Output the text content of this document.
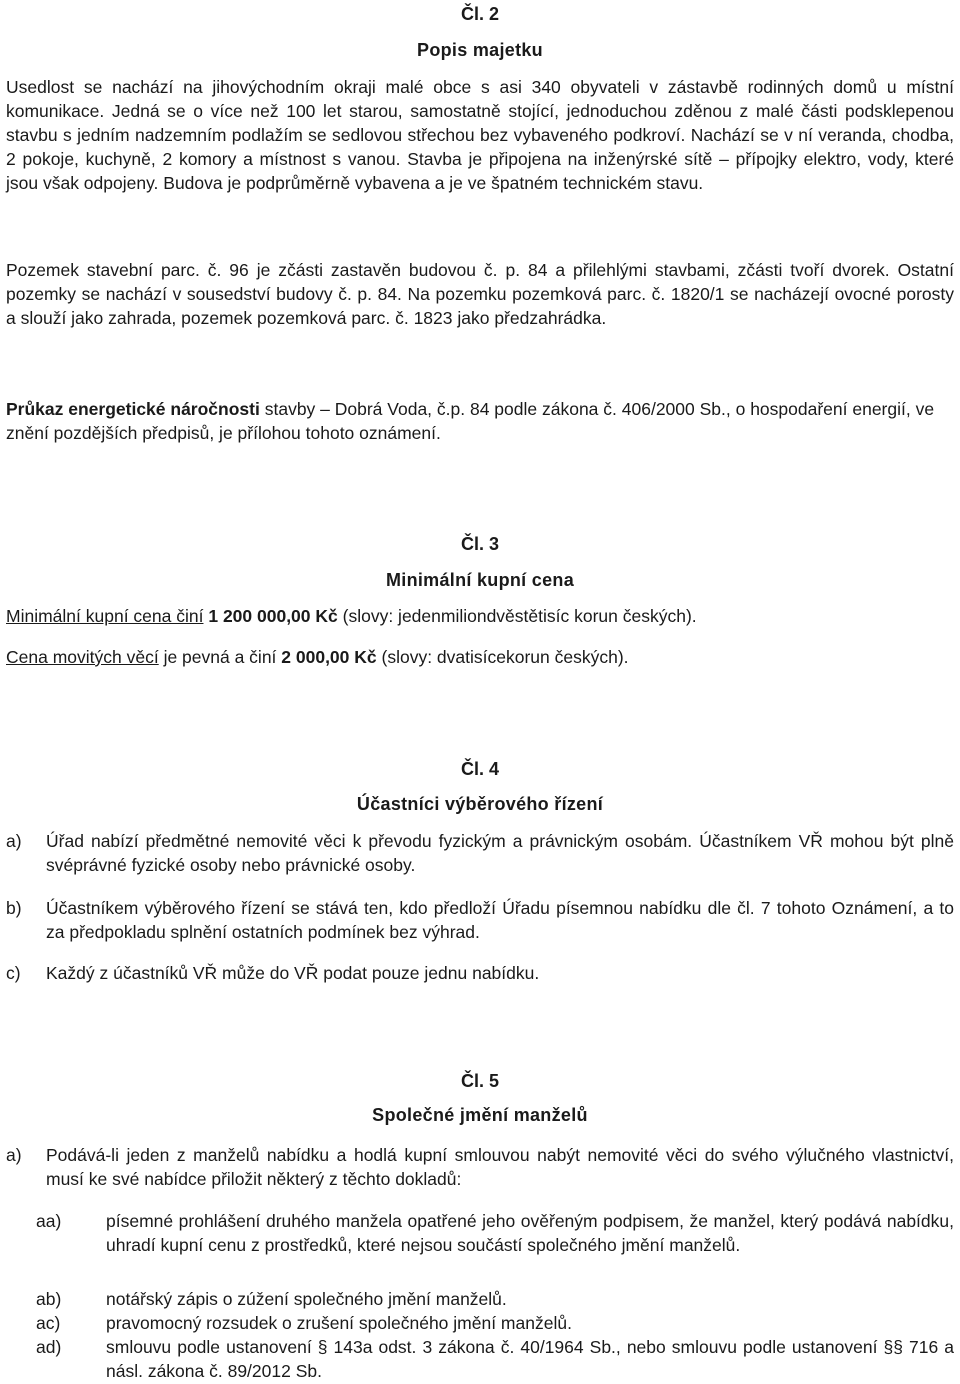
Čl. 2
Popis majetku
Usedlost se nachází na jihovýchodním okraji malé obce s asi 340 obyvateli v zástavbě rodinných domů u místní komunikace. Jedná se o více než 100 let starou, samostatně stojící, jednoduchou zděnou z malé části podsklepenou stavbu s jedním nadzemním podlažím se sedlovou střechou bez vybaveného podkroví. Nachází se v ní veranda, chodba, 2 pokoje, kuchyně, 2 komory a místnost s vanou. Stavba je připojena na inženýrské sítě – přípojky elektro, vody, které jsou však odpojeny. Budova je podprůměrně vybavena a je ve špatném technickém stavu.
Pozemek stavební parc. č. 96 je zčásti zastavěn budovou č. p. 84 a přilehlými stavbami, zčásti tvoří dvorek. Ostatní pozemky se nachází v sousedství budovy č. p. 84. Na pozemku pozemková parc. č. 1820/1 se nacházejí ovocné porosty a slouží jako zahrada, pozemek pozemková parc. č. 1823 jako předzahrádka.
Průkaz energetické náročnosti stavby – Dobrá Voda, č.p. 84 podle zákona č. 406/2000 Sb., o hospodaření energií, ve znění pozdějších předpisů, je přílohou tohoto oznámení.
Čl. 3
Minimální kupní cena
Minimální kupní cena činí 1 200 000,00 Kč (slovy: jedenmiliondvěstětisíc korun českých).
Cena movitých věcí je pevná a činí 2 000,00 Kč (slovy: dvatisícekorun českých).
Čl. 4
Účastníci výběrového řízení
a) Úřad nabízí předmětné nemovité věci k převodu fyzickým a právnickým osobám. Účastníkem VŘ mohou být plně svéprávné fyzické osoby nebo právnické osoby.
b) Účastníkem výběrového řízení se stává ten, kdo předloží Úřadu písemnou nabídku dle čl. 7 tohoto Oznámení, a to za předpokladu splnění ostatních podmínek bez výhrad.
c) Každý z účastníků VŘ může do VŘ podat pouze jednu nabídku.
Čl. 5
Společné jmění manželů
a) Podává-li jeden z manželů nabídku a hodlá kupní smlouvou nabýt nemovité věci do svého výlučného vlastnictví, musí ke své nabídce přiložit některý z těchto dokladů:
aa)	písemné prohlášení druhého manžela opatřené jeho ověřeným podpisem, že manžel, který podává nabídku, uhradí kupní cenu z prostředků, které nejsou součástí společného jmění manželů.
ab)	notářský zápis o zúžení společného jmění manželů.
ac)	pravomocný rozsudek o zrušení společného jmění manželů.
ad)	smlouvu podle ustanovení § 143a odst. 3 zákona č. 40/1964 Sb., nebo smlouvu podle ustanovení §§ 716 a násl. zákona č. 89/2012 Sb.
